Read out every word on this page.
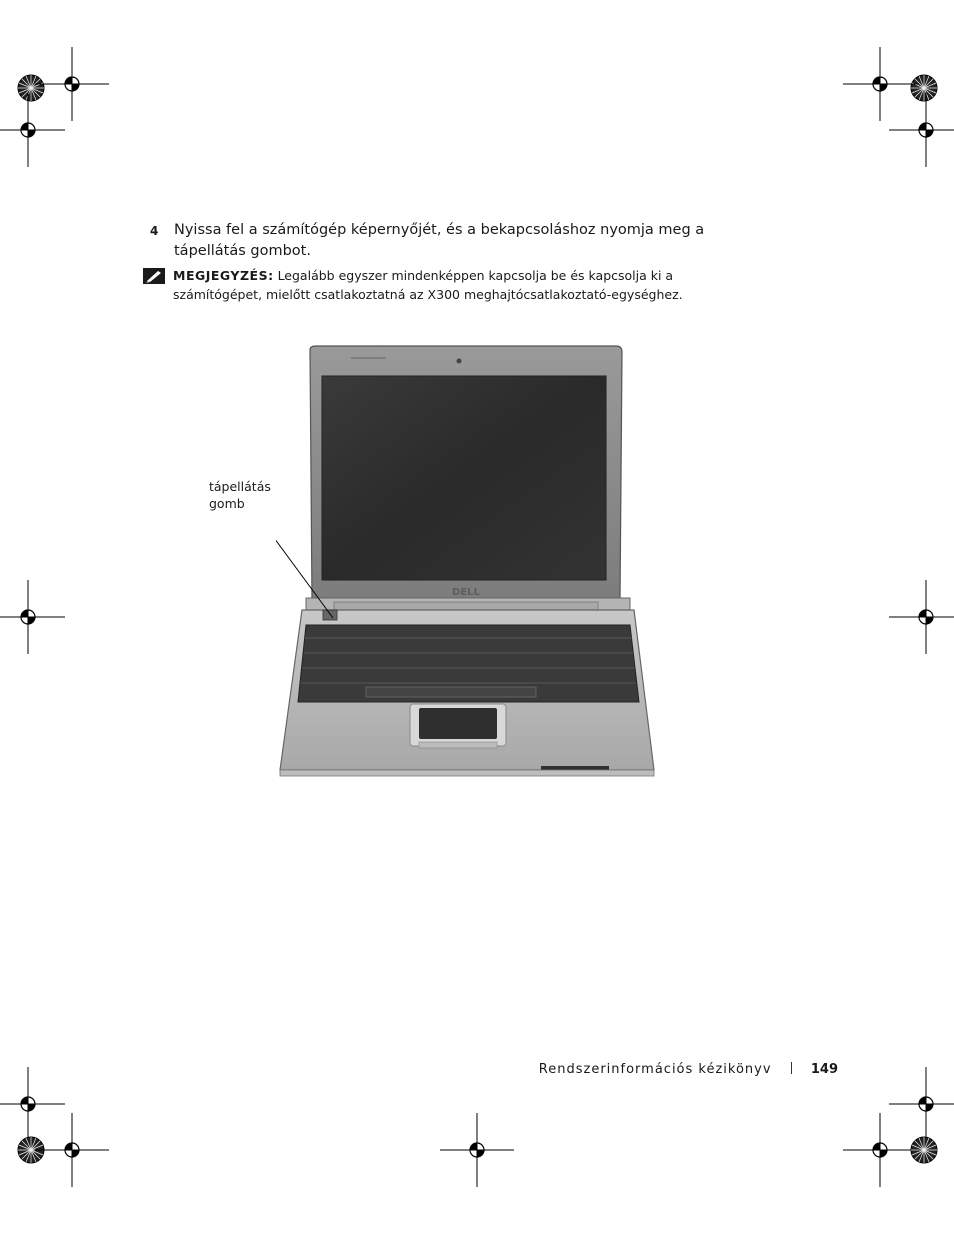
4 Nyissa fel a számítógép képernyőjét, és a bekapcsoláshoz nyomja meg a tápellátás gombot.
MEGJEGYZÉS: Legalább egyszer mindenképpen kapcsolja be és kapcsolja ki a számítógépet, mielőtt csatlakoztatná az X300 meghajtócsatlakoztató-egységhez.
DELL
tápellátás
gomb
Rendszerinformációs kézikönyv	149
